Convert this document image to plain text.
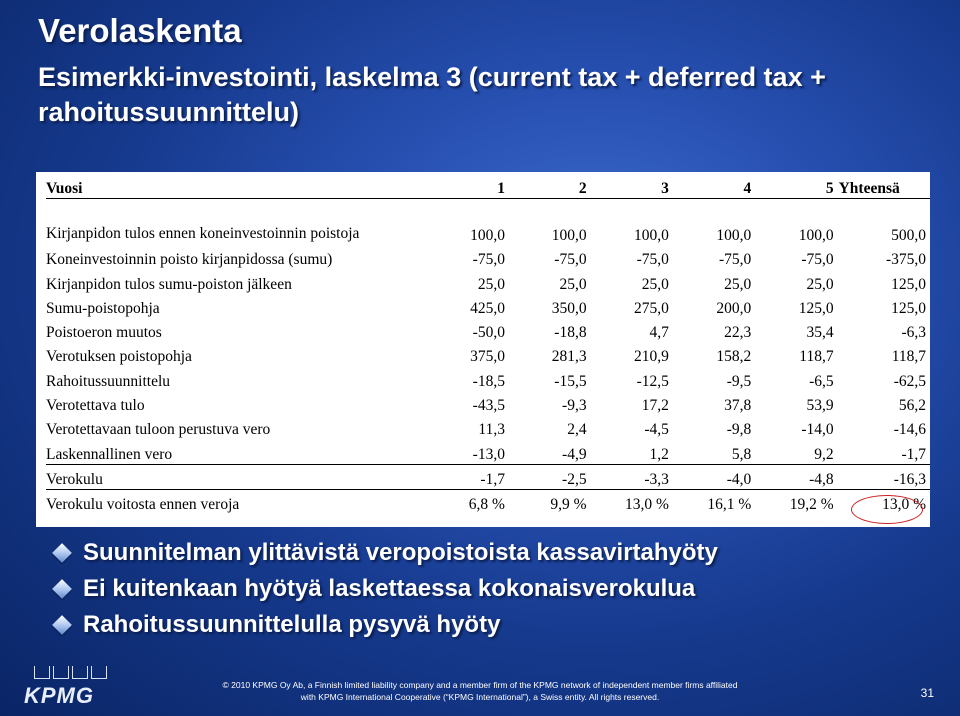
Verolaskenta
Esimerkki-investointi, laskelma 3 (current tax + deferred tax + rahoitussuunnittelu)
Vuosi	1	2	3	4	5	Yhteensä
Kirjanpidon tulos ennen koneinvestoinnin poistoja	100,0	100,0	100,0	100,0	100,0	500,0
Koneinvestoinnin poisto kirjanpidossa (sumu)	-75,0	-75,0	-75,0	-75,0	-75,0	-375,0
Kirjanpidon tulos sumu-poiston jälkeen	25,0	25,0	25,0	25,0	25,0	125,0
Sumu-poistopohja	425,0	350,0	275,0	200,0	125,0	125,0
Poistoeron muutos	-50,0	-18,8	4,7	22,3	35,4	-6,3
Verotuksen poistopohja	375,0	281,3	210,9	158,2	118,7	118,7
Rahoitussuunnittelu	-18,5	-15,5	-12,5	-9,5	-6,5	-62,5
Verotettava tulo	-43,5	-9,3	17,2	37,8	53,9	56,2
Verotettavaan tuloon perustuva vero	11,3	2,4	-4,5	-9,8	-14,0	-14,6
Laskennallinen vero	-13,0	-4,9	1,2	5,8	9,2	-1,7
Verokulu	-1,7	-2,5	-3,3	-4,0	-4,8	-16,3
Verokulu voitosta ennen veroja	6,8 %	9,9 %	13,0 %	16,1 %	19,2 %	13,0 %
Suunnitelman ylittävistä veropoistoista kassavirtahyöty
Ei kuitenkaan hyötyä laskettaessa kokonaisverokulua
Rahoitussuunnittelulla pysyvä hyöty
KPMG	© 2010 KPMG Oy Ab, a Finnish limited liability company and a member firm of the KPMG network of independent member firms affiliated
with KPMG International Cooperative (“KPMG International”), a Swiss entity. All rights reserved.	31
